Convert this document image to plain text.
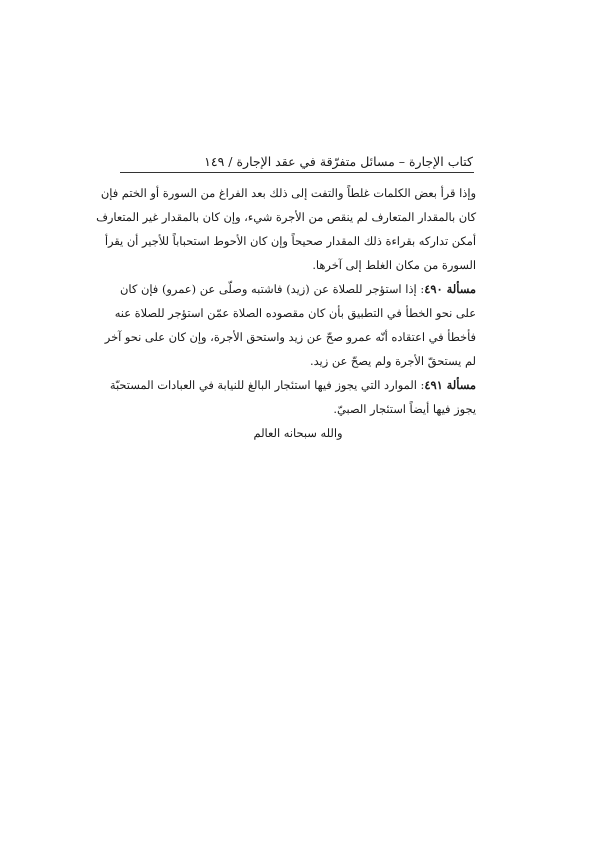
كتاب الإجارة – مسائل متفرّقة في عقد الإجارة / ١٤٩

وإذا قرأ بعض الكلمات غلطاً والتفت إلى ذلك بعد الفراغ من السورة أو الختم فإن
كان بالمقدار المتعارف لم ينقص من الأجرة شيء، وإن كان بالمقدار غير المتعارف
أمكن تداركه بقراءة ذلك المقدار صحيحاً وإن كان الأحوط استحباباً للأجير أن يقرأ
السورة من مكان الغلط إلى آخرها.

مسألة ٤٩٠: إذا استؤجر للصلاة عن (زيد) فاشتبه وصلّى عن (عمرو) فإن كان
على نحو الخطأ في التطبيق بأن كان مقصوده الصلاة عمّن استؤجر للصلاة عنه
فأخطأ في اعتقاده أنّه عمرو صحّ عن زيد واستحق الأجرة، وإن كان على نحو آخر
لم يستحقّ الأجرة ولم يصحّ عن زيد.

مسألة ٤٩١: الموارد التي يجوز فيها استئجار البالغ للنيابة في العبادات المستحبّة
يجوز فيها أيضاً استئجار الصبيّ.

والله سبحانه العالم
